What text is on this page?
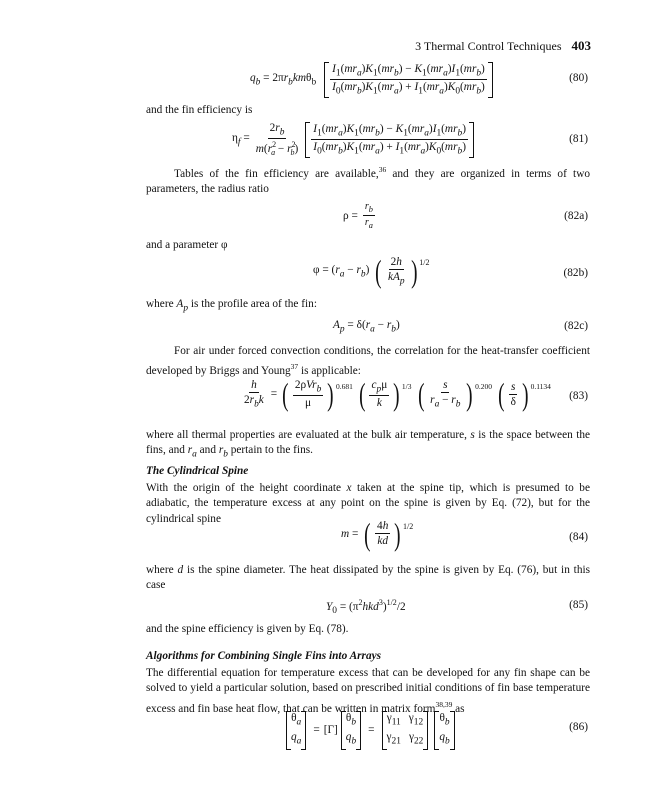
3 Thermal Control Techniques 403
$q_b = 2\pi r_bkm\theta_b$
$I_1(mr_a)K_1(mr_b) - K_1(mr_a)I_1(mr_b)$
$I_0(mr_b)K_1(mr_a) + I_1(mr_a)K_0(mr_b)$
(80)
and the fin efficiency is
$\eta_f = \frac{2r_b}{m(r^2_a - r^2_b)} I_1(mr_a)K_1(mr_b) - K_1(mr_a)I_1(mr_b)$
$I_0(mr_b)K_1(mr_a) + I_1(mr_a)K_0(mr_b)$
(81)
Tables of the fin efficiency are available,$^{36}$ and they are organized in terms of two parameters, the radius ratio
$\rho = \frac{r_b}{r_a}$	(82a)
and a parameter φ
$\varphi = (r_a - r_b)$ ( $\frac{2h}{kA_p}$ ) 1/2
(82b)
where $A_p$ is the profile area of the fin:
$A_p = \delta(r_a - r_b)$	(82c)
For air under forced convection conditions, the correlation for the heat-transfer coefficient developed by Briggs and Young$^{37}$ is applicable:
$\frac{h}{2r_bk}$ = ( $\frac{2\rho Vr_b}{\mu}$ ) 0.681 ( $\frac{c_p\mu}{k}$ ) 1/3 ( $\frac{s}{r_a - r_b}$ ) 0.200 ( $\frac{s}{\delta}$ ) 0.1134
(83)
where all thermal properties are evaluated at the bulk air temperature, s is the space between the fins, and $r_a$ and $r_b$ pertain to the fins.
The Cylindrical Spine
With the origin of the height coordinate x taken at the spine tip, which is presumed to be adiabatic, the temperature excess at any point on the spine is given by Eq. (72), but for the cylindrical spine
m = ( $\frac{4h}{kd}$ ) 1/2
(84)
where d is the spine diameter. The heat dissipated by the spine is given by Eq. (76), but in this case
$Y_0 = (\pi^2hkd^3)^{1/2}/2$	(85)
and the spine efficiency is given by Eq. (78).
Algorithms for Combining Single Fins into Arrays
The differential equation for temperature excess that can be developed for any fin shape can be solved to yield a particular solution, based on prescribed initial conditions of fin base temperature excess and fin base heat flow, that can be written in matrix form$^{38,39}$ as
$\theta_a$
$q_a$
= [Γ]
$\theta_b$
$q_b$
=
$\gamma_{11}$ $\gamma_{12}$
$\gamma_{21}$ $\gamma_{22}$
$\theta_b$
$q_b$
(86)
